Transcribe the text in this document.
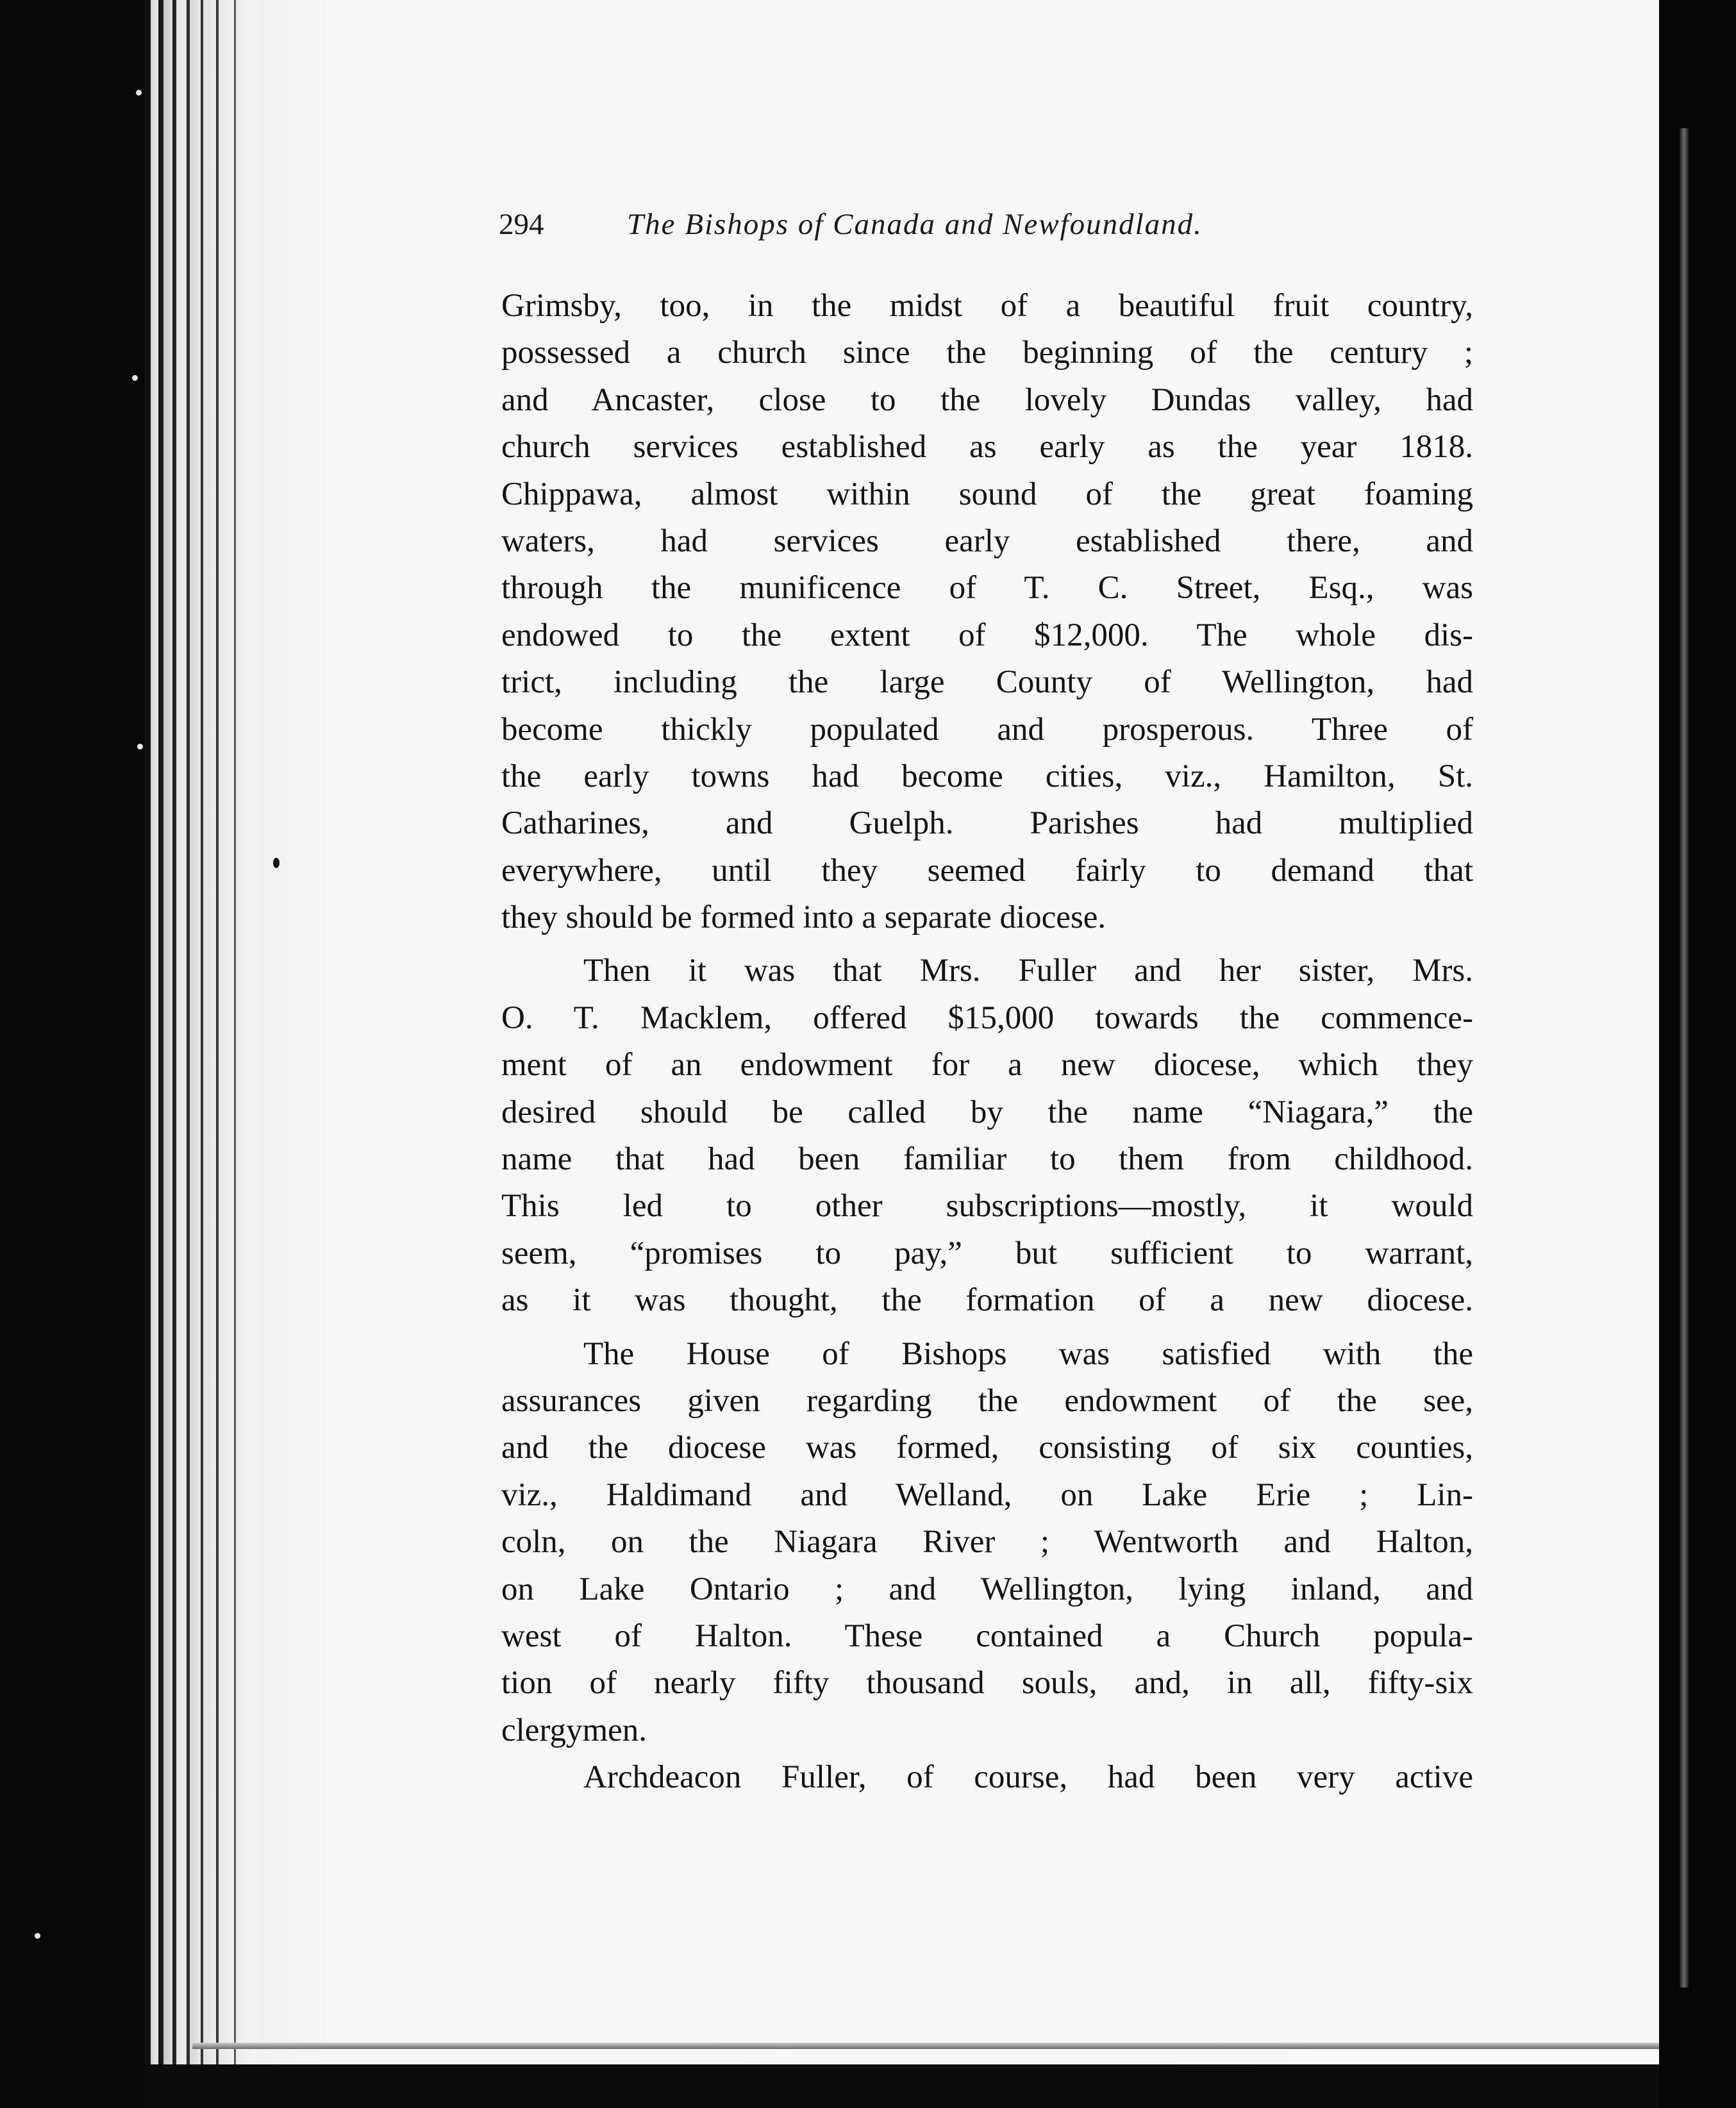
294	The Bishops of Canada and Newfoundland.
Grimsby, too, in the midst of a beautiful fruit country,
possessed a church since the beginning of the century ;
and Ancaster, close to the lovely Dundas valley, had
church services established as early as the year 1818.
Chippawa, almost within sound of the great foaming
waters, had services early established there, and
through the munificence of T. C. Street, Esq., was
endowed to the extent of $12,000. The whole dis-
trict, including the large County of Wellington, had
become thickly populated and prosperous. Three of
the early towns had become cities, viz., Hamilton, St.
Catharines, and Guelph. Parishes had multiplied
everywhere, until they seemed fairly to demand that
they should be formed into a separate diocese.
Then it was that Mrs. Fuller and her sister, Mrs.
O. T. Macklem, offered $15,000 towards the commence-
ment of an endowment for a new diocese, which they
desired should be called by the name “Niagara,” the
name that had been familiar to them from childhood.
This led to other subscriptions—mostly, it would
seem, “promises to pay,” but sufficient to warrant,
as it was thought, the formation of a new diocese.
The House of Bishops was satisfied with the
assurances given regarding the endowment of the see,
and the diocese was formed, consisting of six counties,
viz., Haldimand and Welland, on Lake Erie ; Lin-
coln, on the Niagara River ; Wentworth and Halton,
on Lake Ontario ; and Wellington, lying inland, and
west of Halton. These contained a Church popula-
tion of nearly fifty thousand souls, and, in all, fifty-six
clergymen.
Archdeacon Fuller, of course, had been very active
